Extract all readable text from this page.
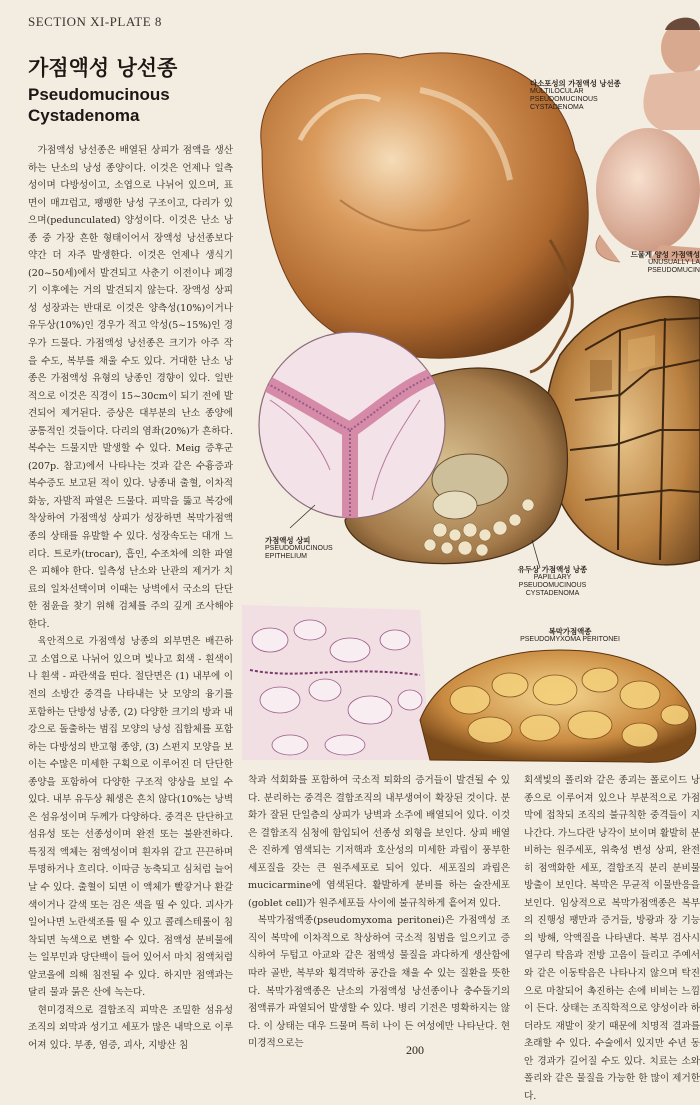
SECTION XI-PLATE 8
가점액성 낭선종
Pseudomucinous
Cystadenoma

가점액성 낭선종은 배열된 상피가 점액을 생산하는 난소의 낭성 종양이다. 이것은 언제나 일측성이며 다방성이고, 소엽으로 나뉘어 있으며, 표면이 매끄럽고, 팽팽한 낭성 구조이고, 다리가 있으며(pedunculated) 양성이다. 이것은 난소 낭종 중 가장 흔한 형태이어서 장액성 낭선종보다 약간 더 자주 발생한다. 이것은 언제나 생식기(20~50세)에서 발견되고 사춘기 이전이나 폐경기 이후에는 거의 발견되지 않는다. 장액성 상피성 성장과는 반대로 이것은 양측성(10%)이거나 유두상(10%)인 경우가 적고 악성(5~15%)인 경우가 드물다. 가점액성 낭선종은 크기가 아주 작을 수도, 복부를 채울 수도 있다. 거대한 난소 낭종은 가점액성 유형의 낭종인 경향이 있다. 일반적으로 이것은 직경이 15~30cm이 되기 전에 발견되어 제거된다. 증상은 대부분의 난소 종양에 공통적인 것들이다. 다리의 염좌(20%)가 흔하다. 복수는 드물지만 발생할 수 있다. Meig 증후군(207p. 참고)에서 나타나는 것과 같은 수흉증과 복수증도 보고된 적이 있다. 낭종내 출혈, 이차적 화농, 자발적 파열은 드물다. 피막을 뚫고 복강에 착상하여 가점액성 상피가 성장하면 복막가점액종의 상태를 유발할 수 있다. 성장속도는 대개 느리다. 트로카(trocar), 흡인, 수조차에 의한 파열은 피해야 한다. 일측성 난소와 난관의 제거가 치료의 일차선택이며 이때는 낭벽에서 국소의 단단한 점윤을 찾기 위해 검체를 주의 깊게 조사해야 한다.

육안적으로 가점액성 낭종의 외부면은 배끈하고 소엽으로 나뉘어 있으며 빛나고 회색 - 흰색이나 흰색 - 파란색을 띤다. 절단면은 (1) 내부에 이전의 소방간 중격을 나타내는 낫 모양의 융기를 포함하는 단방성 낭종, (2) 다양한 크기의 방과 내강으로 돌출하는 범집 모양의 낭성 집합체를 포함하는 다방성의 반고형 종양, (3) 스펀지 모양을 보이는 수많은 미세한 구획으로 이루어진 더 단단한 종양을 포함하여 다양한 구조적 양상을 보일 수 있다. 내부 유두상 췌생은 흔치 않다(10%는 낭벽은 섬유성이며 두께가 다양하다. 중격은 단단하고 섬유성 또는 선종성이며 완전 또는 불완전하다. 특징적 액체는 점액성이며 흰자위 같고 끈끈하며 투명하거나 흐리다. 이따금 농축되고 심처럼 늘어날 수 있다. 출혈이 되면 이 액체가 빨갛거나 환갈색이거나 갈색 또는 검은 색을 띨 수 있다. 괴사가 일어나면 노란색조를 띨 수 있고 콜레스테롤이 침착되면 녹색으로 변할 수 있다. 점액성 분비물에는 일부민과 당단백이 들어 있어서 마치 점액처럼 알코올에 의해 침전될 수 있다. 하지만 점액과는 달리 물과 묽은 산에 녹는다.

현미경적으로 결합조직 피막은 조밀한 섬유성 조직의 외막과 성기고 세포가 많은 내막으로 이루어져 있다. 부종, 염증, 괴사, 지방산 침

착과 석회화를 포함하여 국소적 퇴화의 증거들이 발견될 수 있다. 분리하는 중격은 결합조직의 내부생여이 확장된 것이다. 분화가 잘된 단일층의 상피가 낭벽과 소주에 배열되어 있다. 이것은 결합조직 심청에 함입되어 선종성 외형을 보인다. 상피 배열은 진하게 염색되는 기저핵과 호산성의 미세한 과립이 풍부한 세포질을 갖는 큰 원주세포로 되어 있다. 세포질의 과립은 mucicarmine에 염색된다. 활발하게 분비를 하는 술잔세포(goblet cell)가 원주세포들 사이에 불규칙하게 흩어져 있다.

복막가점액종(pseudomyxoma peritonei)은 가점액성 조직이 복막에 이차적으로 착상하여 국소적 침범을 일으키고 증식하여 두텁고 아교와 같은 점액성 물질을 과다하게 생산함에 따라 골반, 복부와 횡격막하 공간을 채울 수 있는 질환을 뜻한다. 복막가점액종은 난소의 가점액성 낭선종이나 충수돌기의 점액류가 파열되어 발생할 수 있다. 병리 기전은 명확하지는 않다. 이 상태는 대우 드물며 특히 나이 든 여성에만 나타난다. 현미경적으로는

회색빛의 폴리와 같은 종괴는 폴로이드 낭종으로 이루어져 있으나 부분적으로 가점막에 접착되 조직의 불규칙한 중격들이 지나간다. 가느다란 낭각이 보이며 활발히 분비하는 원주세포, 위축성 변성 상피, 완전히 점액화한 세포, 결합조직 분리 분비물 방출이 보인다. 복막은 무균적 이물반응을 보인다. 임상적으로 복막가점액종은 복부의 진행성 팽만과 증거들, 방광과 장 기능의 방해, 악액질을 나타낸다. 복부 검사시 열구리 탁음과 전방 고음이 들리고 주예서와 같은 이동탁음은 나타나지 않으며 탁진으로 마찰되어 촉진하는 손에 비비는 느낌이 든다. 상태는 조직학적으로 양성이라 하더라도 재발이 잦기 때문에 치명적 결과를 초래할 수 있다. 수술에서 있지만 수년 동안 경과가 길어질 수도 있다. 치료는 소와 폴리와 같은 물질을 가능한 한 많이 제거한다.

다소포성의 가점액성 낭선종
MULTILOCULAR
PSEUDOMUCINOUS
CYSTADENOMA
드물게 양성 가점액성
UNUSUALLY LA
PSEUDOMUCIN
가점액성 상피
PSEUDOMUCINOUS
EPITHELIUM
유두상 가점액성 낭종
PAPILLARY
PSEUDOMUCINOUS
CYSTADENOMA
복막가점액종
PSEUDOMYXOMA PERITONEI
200
